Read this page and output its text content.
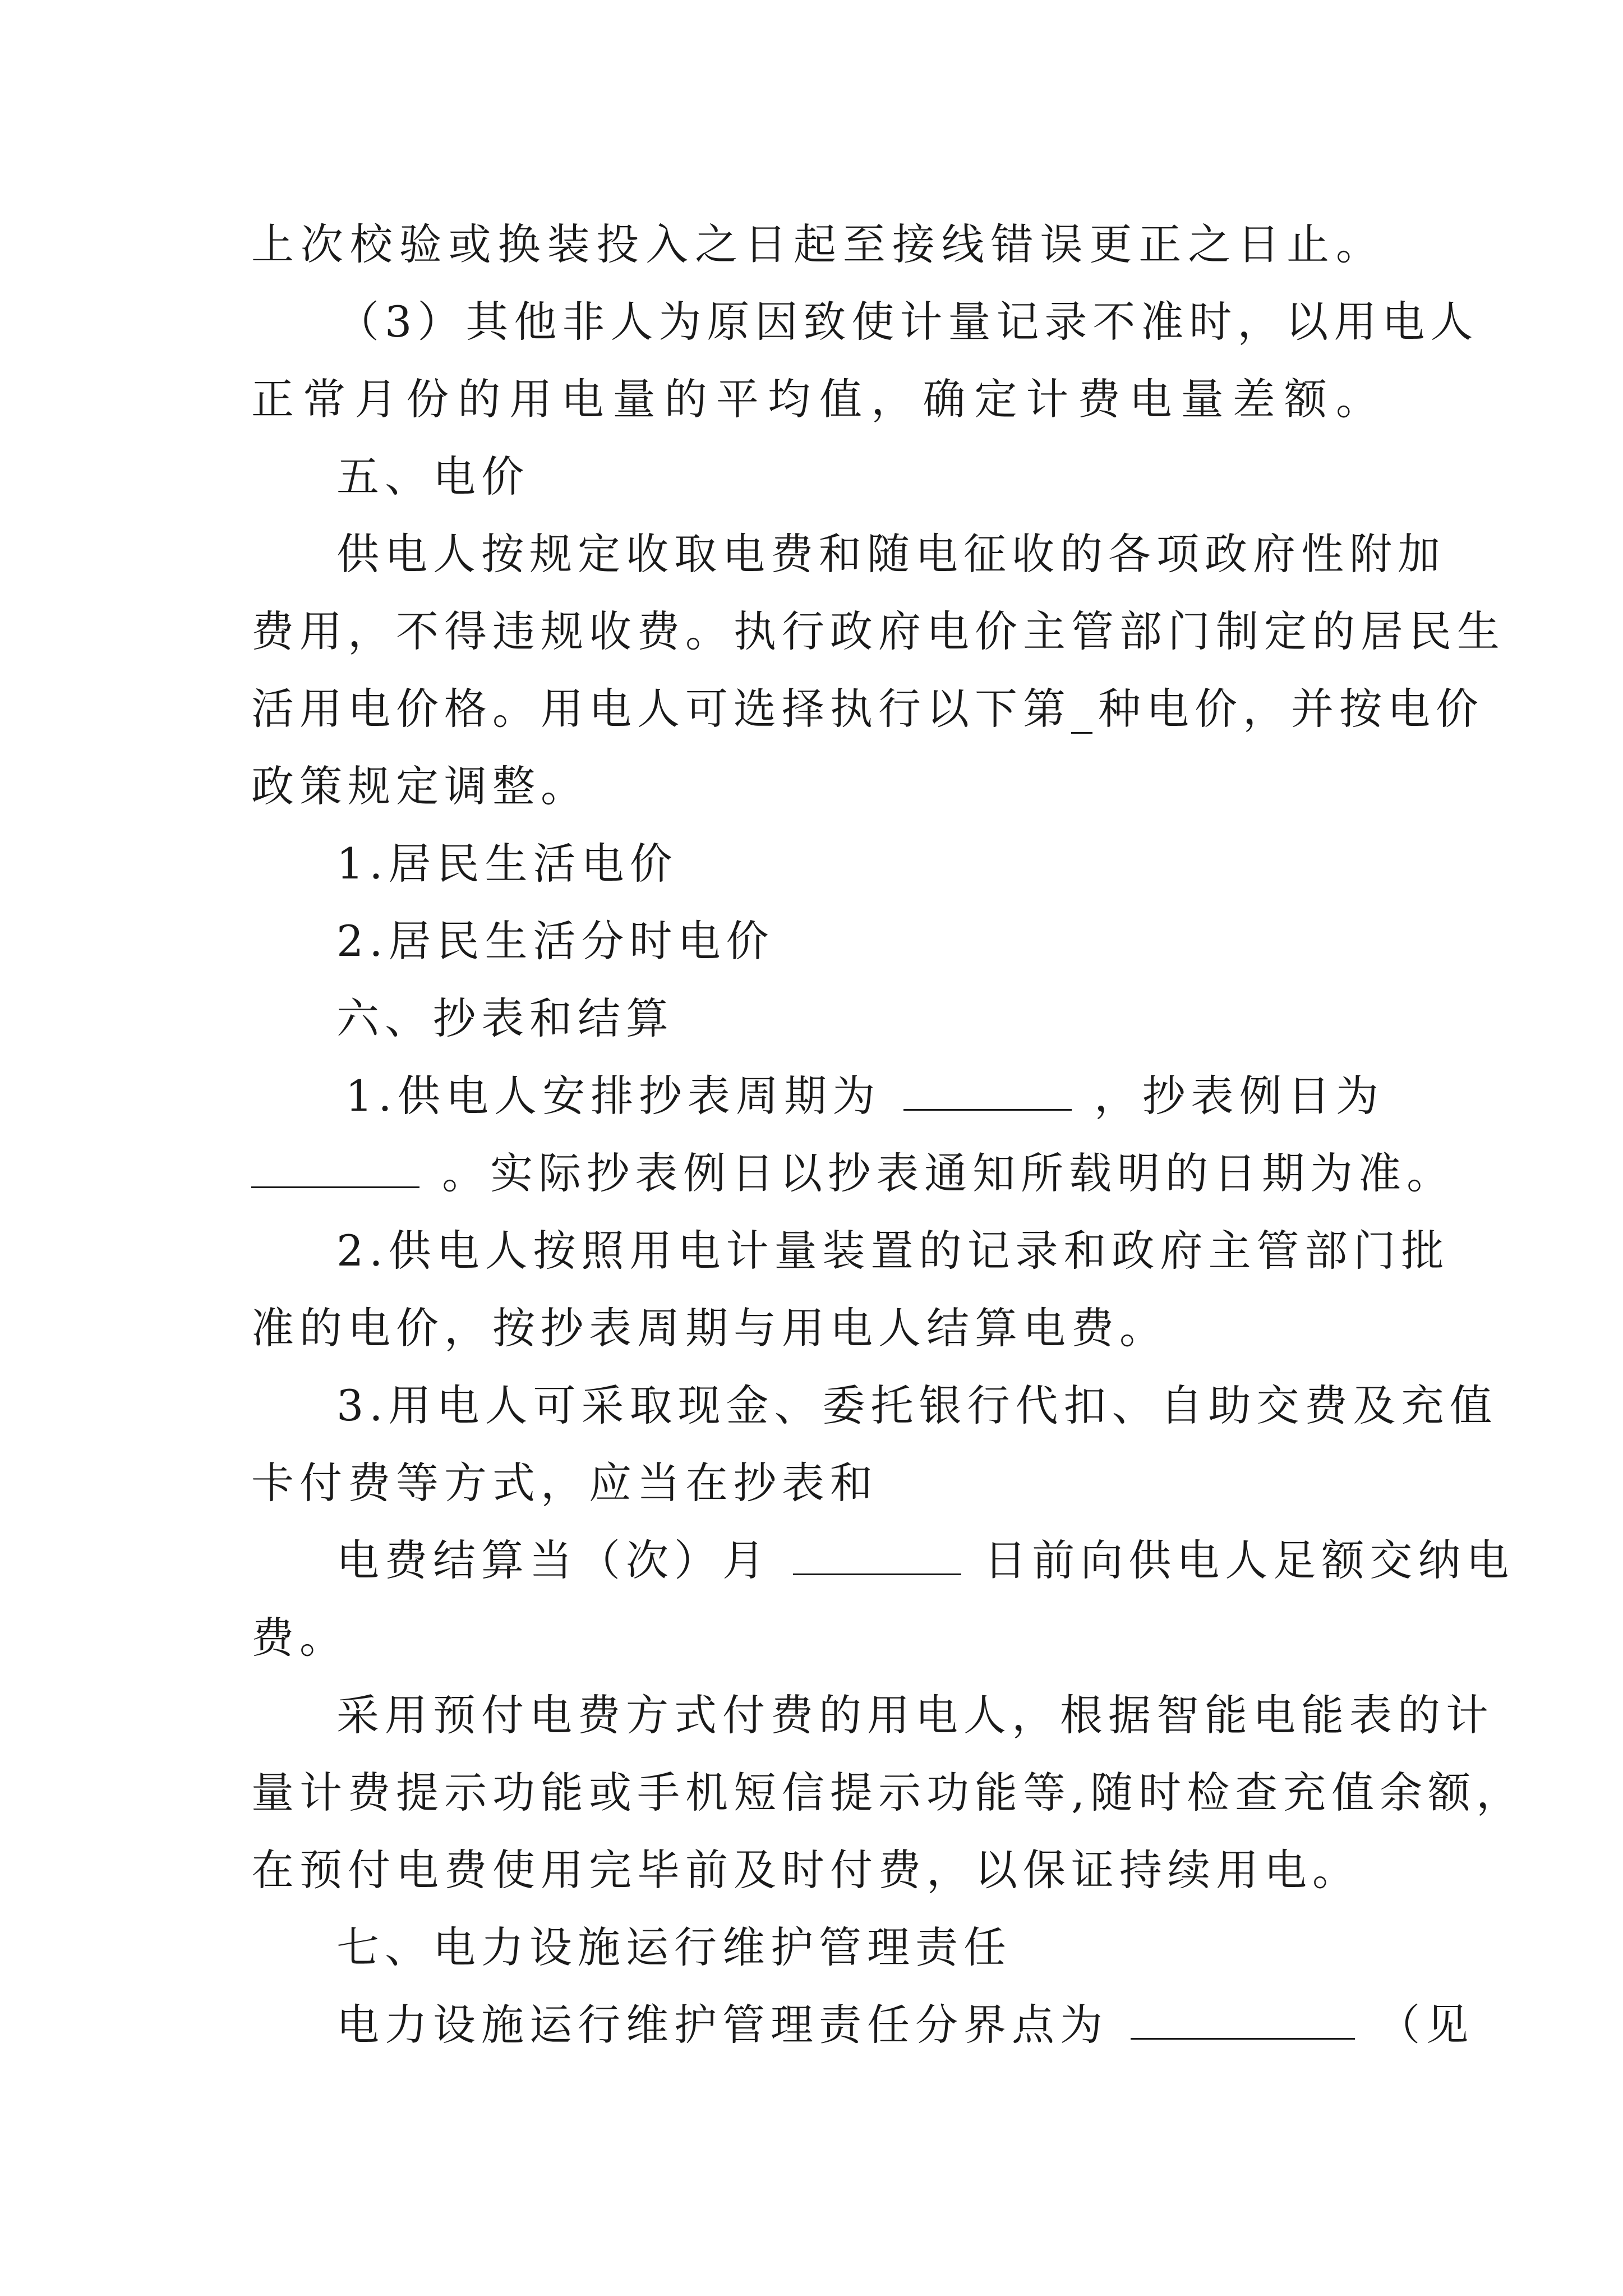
上次校验或换装投入之日起至接线错误更正之日止。
（3）其他非人为原因致使计量记录不准时，以用电人
正常月份的用电量的平均值，确定计费电量差额。
五、电价
供电人按规定收取电费和随电征收的各项政府性附加
费用，不得违规收费。执行政府电价主管部门制定的居民生
活用电价格。用电人可选择执行以下第_种电价，并按电价
政策规定调整。
1.居民生活电价
2.居民生活分时电价
六、抄表和结算
1.供电人安排抄表周期为	，抄表例日为
。实际抄表例日以抄表通知所载明的日期为准。
2.供电人按照用电计量装置的记录和政府主管部门批
准的电价，按抄表周期与用电人结算电费。
3.用电人可采取现金、委托银行代扣、自助交费及充值
卡付费等方式，应当在抄表和
电费结算当（次）月	日前向供电人足额交纳电
费。
采用预付电费方式付费的用电人，根据智能电能表的计
量计费提示功能或手机短信提示功能等,随时检查充值余额，
在预付电费使用完毕前及时付费，以保证持续用电。
七、电力设施运行维护管理责任
电力设施运行维护管理责任分界点为	（见
